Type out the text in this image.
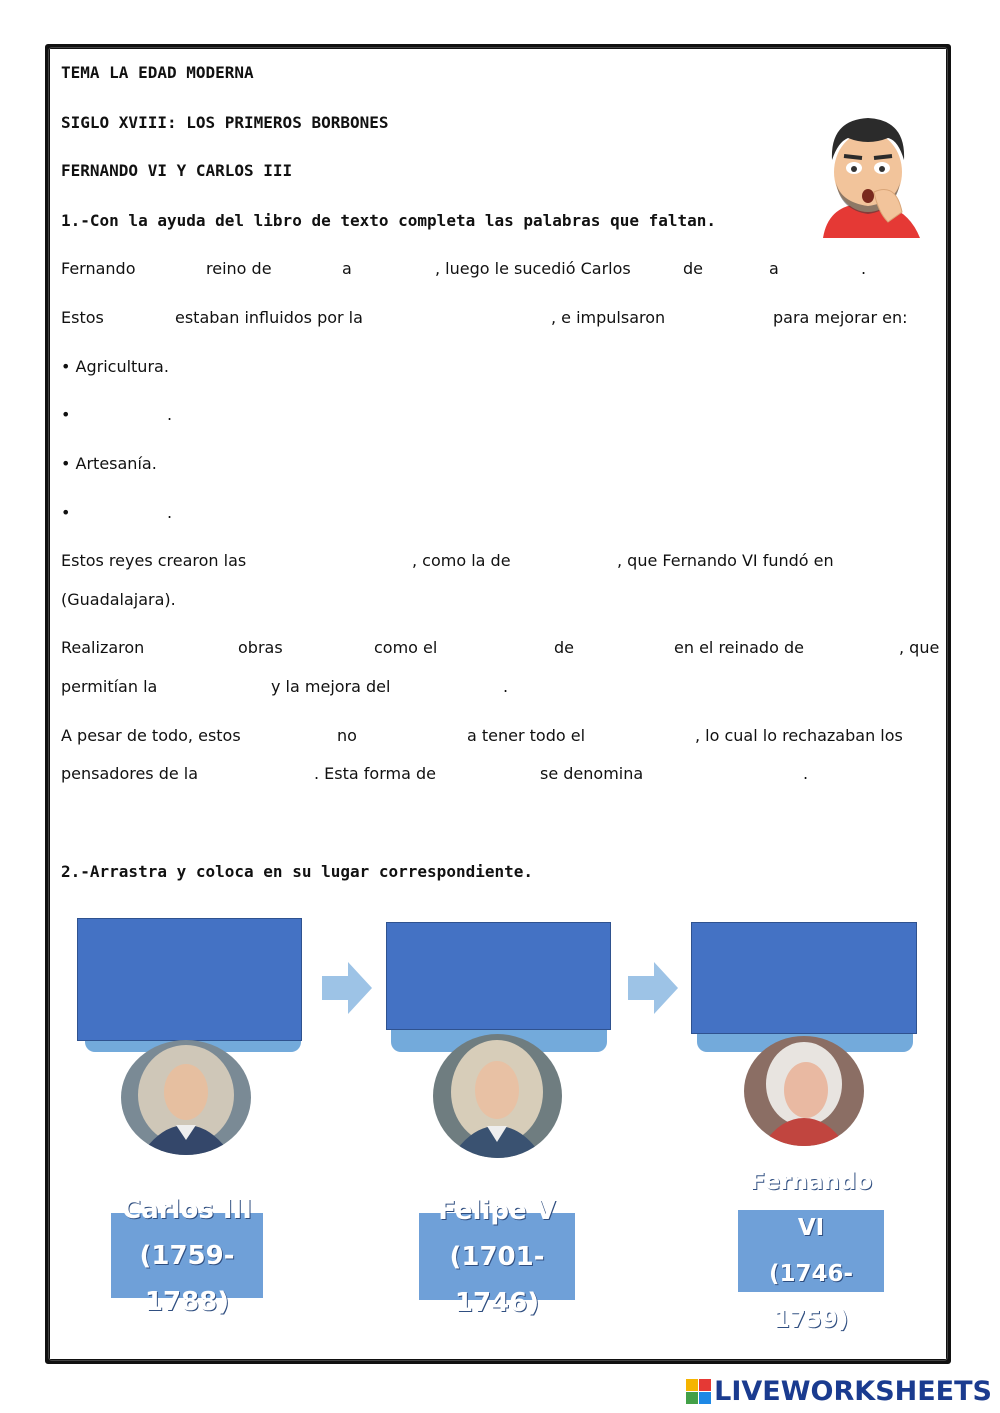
TEMA LA EDAD MODERNA
SIGLO XVIII: LOS PRIMEROS BORBONES
FERNANDO VI Y CARLOS III
1.-Con la ayuda del libro de texto completa las palabras que faltan.
Fernando	reino de	a	, luego le sucedió Carlos	de	a	.
Estos	estaban influidos por la	, e impulsaron	para mejorar en:
• Agricultura.
•	.
• Artesanía.
•	.
Estos reyes crearon las	, como la de	, que Fernando VI fundó en
(Guadalajara).
Realizaron	obras	como el	de	en el reinado de	, que
permitían la	y la mejora del	.
A pesar de todo, estos	no	a tener todo el	, lo cual lo rechazaban los
pensadores de la	. Esta forma de	se denomina	.
2.-Arrastra y coloca en su lugar correspondiente.
Carlos III
(1759-1788)
Felipe V
(1701-1746)
Fernando VI
(1746-1759)
LIVEWORKSHEETS
